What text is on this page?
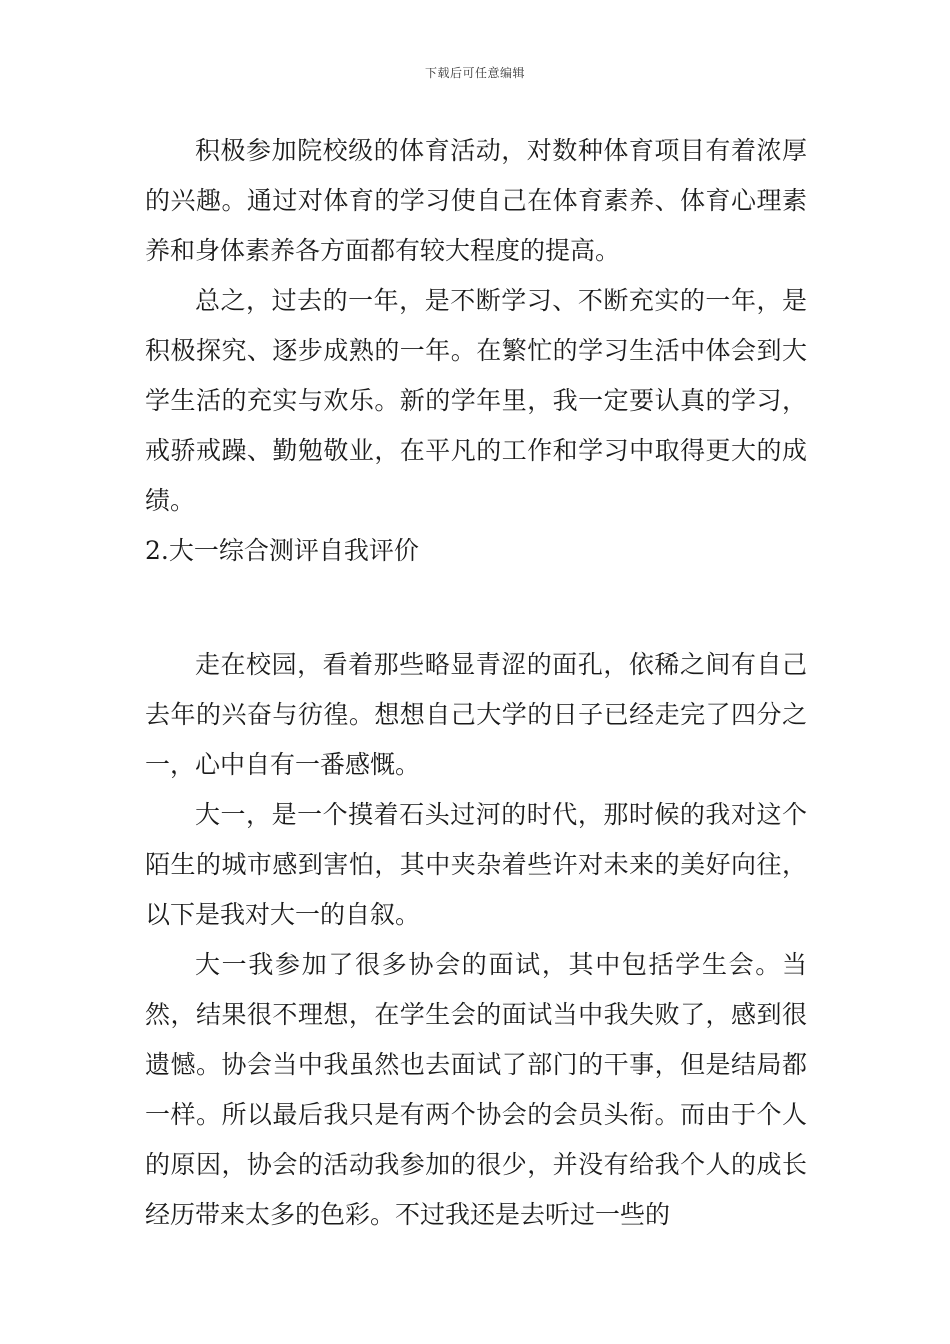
下载后可任意编辑

积极参加院校级的体育活动，对数种体育项目有着浓厚的兴趣。通过对体育的学习使自己在体育素养、体育心理素养和身体素养各方面都有较大程度的提高。

总之，过去的一年，是不断学习、不断充实的一年，是积极探究、逐步成熟的一年。在繁忙的学习生活中体会到大学生活的充实与欢乐。新的学年里，我一定要认真的学习，戒骄戒躁、勤勉敬业，在平凡的工作和学习中取得更大的成绩。

2.大一综合测评自我评价

走在校园，看着那些略显青涩的面孔，依稀之间有自己去年的兴奋与彷徨。想想自己大学的日子已经走完了四分之一，心中自有一番感慨。

大一，是一个摸着石头过河的时代，那时候的我对这个陌生的城市感到害怕，其中夹杂着些许对未来的美好向往，以下是我对大一的自叙。

大一我参加了很多协会的面试，其中包括学生会。当然，结果很不理想，在学生会的面试当中我失败了，感到很遗憾。协会当中我虽然也去面试了部门的干事，但是结局都一样。所以最后我只是有两个协会的会员头衔。而由于个人的原因，协会的活动我参加的很少，并没有给我个人的成长经历带来太多的色彩。不过我还是去听过一些的
